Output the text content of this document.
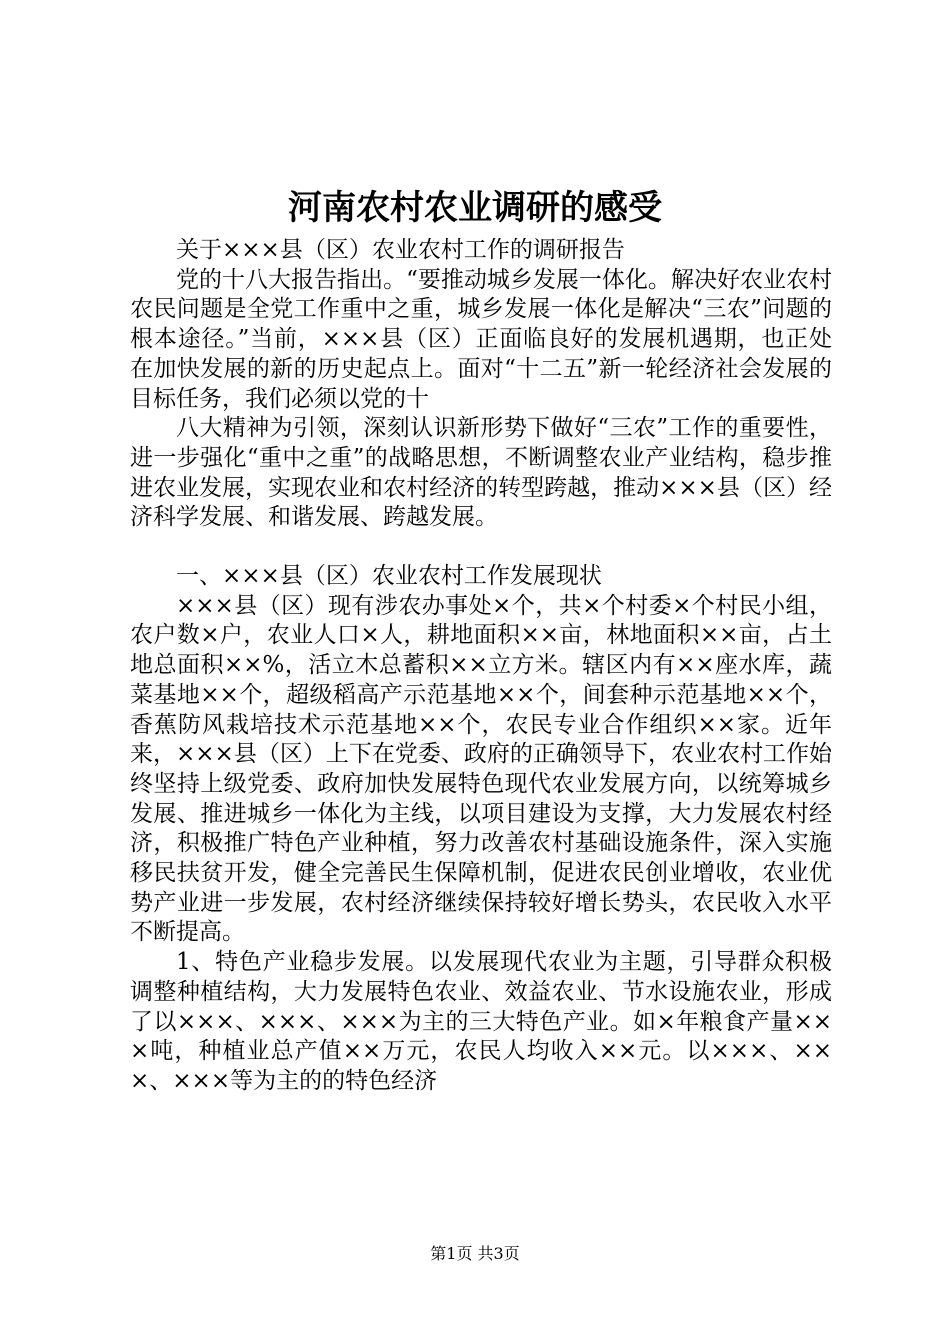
河南农村农业调研的感受

关于×××县（区）农业农村工作的调研报告

党的十八大报告指出。“要推动城乡发展一体化。解决好农业农村农民问题是全党工作重中之重，城乡发展一体化是解决“三农”问题的根本途径。”当前，×××县（区）正面临良好的发展机遇期，也正处在加快发展的新的历史起点上。面对“十二五”新一轮经济社会发展的目标任务，我们必须以党的十

八大精神为引领，深刻认识新形势下做好“三农”工作的重要性，进一步强化“重中之重”的战略思想，不断调整农业产业结构，稳步推进农业发展，实现农业和农村经济的转型跨越，推动×××县（区）经济科学发展、和谐发展、跨越发展。

一、×××县（区）农业农村工作发展现状

×××县（区）现有涉农办事处×个，共×个村委×个村民小组，农户数×户，农业人口×人，耕地面积××亩，林地面积××亩，占土地总面积××%，活立木总蓄积××立方米。辖区内有××座水库，蔬菜基地××个，超级稻高产示范基地××个，间套种示范基地××个，香蕉防风栽培技术示范基地××个，农民专业合作组织××家。近年来，×××县（区）上下在党委、政府的正确领导下，农业农村工作始终坚持上级党委、政府加快发展特色现代农业发展方向，以统筹城乡发展、推进城乡一体化为主线，以项目建设为支撑，大力发展农村经济，积极推广特色产业种植，努力改善农村基础设施条件，深入实施移民扶贫开发，健全完善民生保障机制，促进农民创业增收，农业优势产业进一步发展，农村经济继续保持较好增长势头，农民收入水平不断提高。

1、特色产业稳步发展。以发展现代农业为主题，引导群众积极调整种植结构，大力发展特色农业、效益农业、节水设施农业，形成了以×××、×××、×××为主的三大特色产业。如×年粮食产量×××吨，种植业总产值××万元，农民人均收入××元。以×××、×××、×××等为主的的特色经济

第1页 共3页
